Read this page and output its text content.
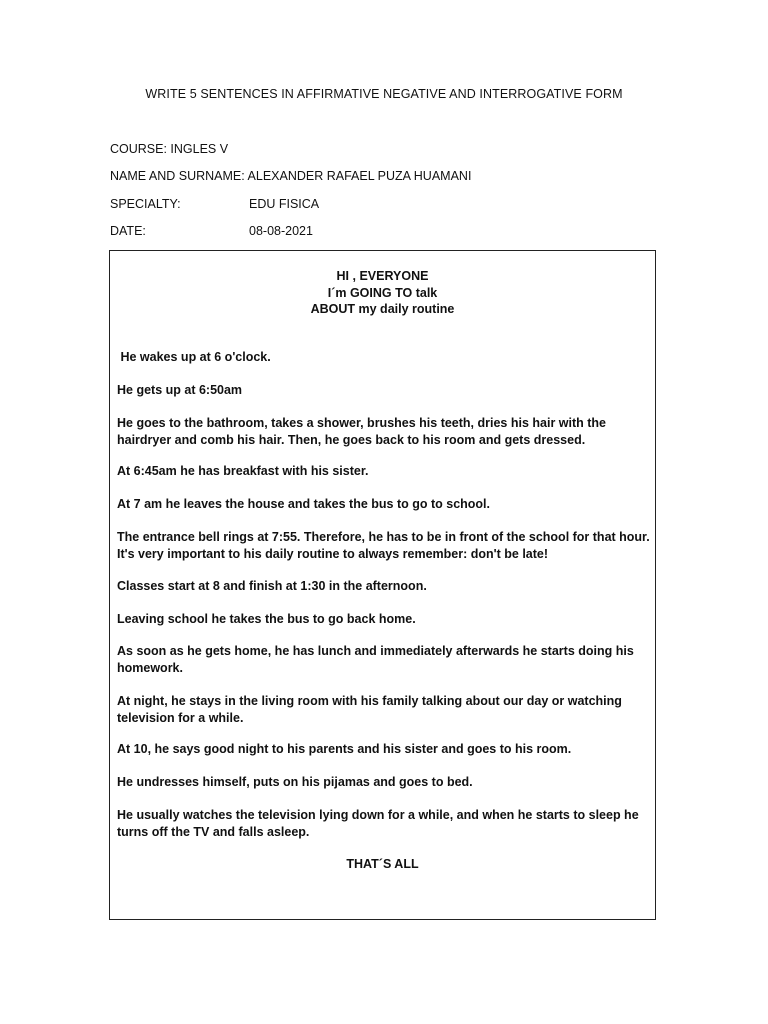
WRITE 5 SENTENCES IN AFFIRMATIVE NEGATIVE AND INTERROGATIVE FORM
COURSE: INGLES V
NAME AND SURNAME: ALEXANDER RAFAEL PUZA HUAMANI
SPECIALTY:	EDU FISICA
DATE:	08-08-2021
HI , EVERYONE
I´m GOING TO talk
ABOUT my daily routine

He wakes up at 6 o'clock.

He gets up at 6:50am

He goes to the bathroom, takes a shower, brushes his teeth, dries his hair with the hairdryer and comb his hair. Then, he goes back to his room and gets dressed.

At 6:45am he has breakfast with his sister.

At 7 am he leaves the house and takes the bus to go to school.

The entrance bell rings at 7:55. Therefore, he has to be in front of the school for that hour. It's very important to his daily routine to always remember: don't be late!

Classes start at 8 and finish at 1:30 in the afternoon.

Leaving school he takes the bus to go back home.

As soon as he gets home, he has lunch and immediately afterwards he starts doing his homework.

At night, he stays in the living room with his family talking about our day or watching television for a while.

At 10, he says good night to his parents and his sister and goes to his room.

He undresses himself, puts on his pijamas and goes to bed.

He usually watches the television lying down for a while, and when he starts to sleep he turns off the TV and falls asleep.

THAT´S ALL
